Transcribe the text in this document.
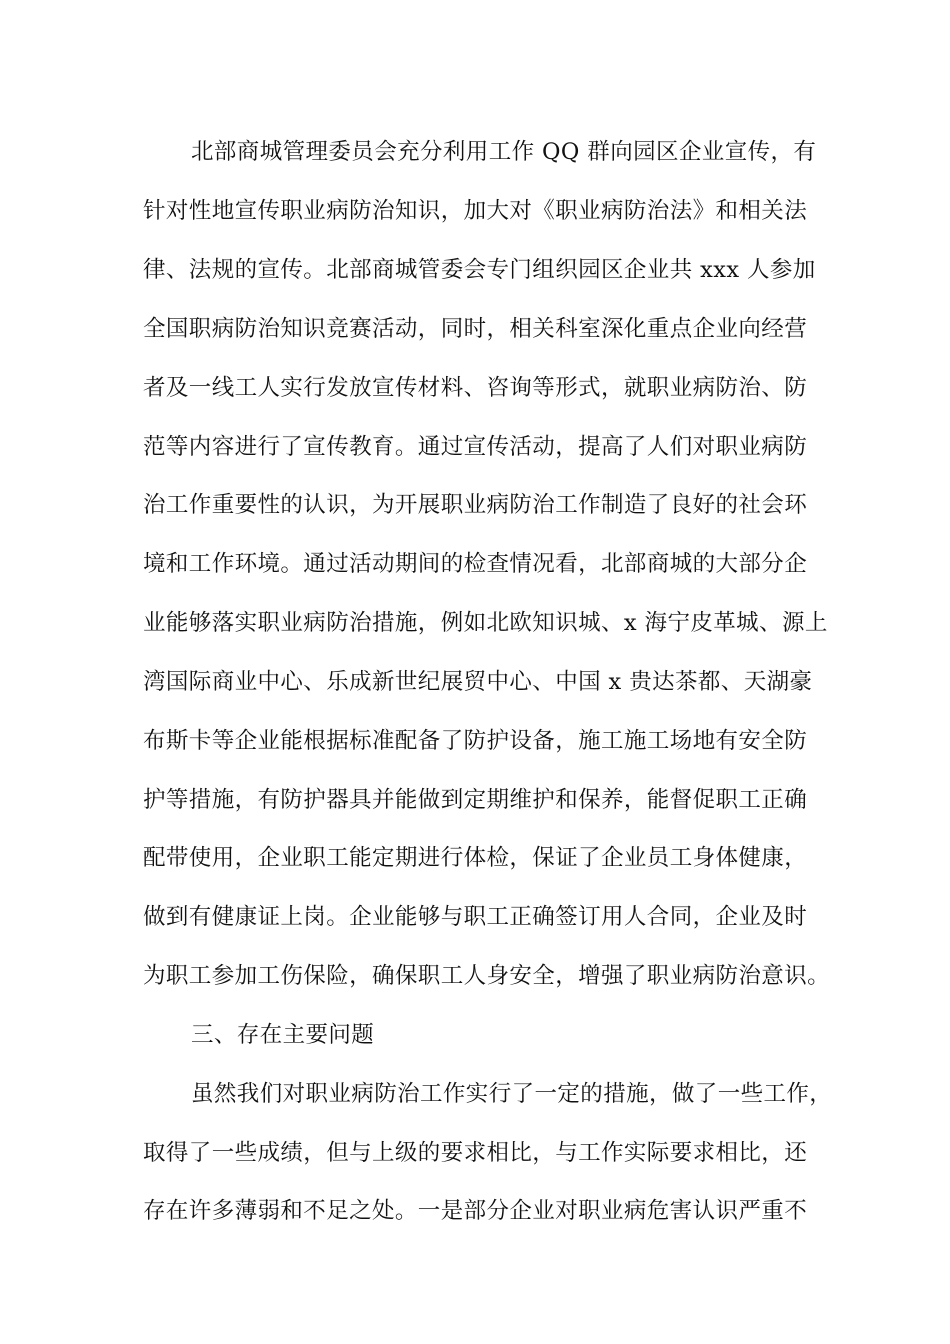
北部商城管理委员会充分利用工作 QQ 群向园区企业宣传，有
针对性地宣传职业病防治知识，加大对《职业病防治法》和相关法
律、法规的宣传。北部商城管委会专门组织园区企业共 xxx 人参加
全国职病防治知识竞赛活动，同时，相关科室深化重点企业向经营
者及一线工人实行发放宣传材料、咨询等形式，就职业病防治、防
范等内容进行了宣传教育。通过宣传活动，提高了人们对职业病防
治工作重要性的认识，为开展职业病防治工作制造了良好的社会环
境和工作环境。通过活动期间的检查情况看，北部商城的大部分企
业能够落实职业病防治措施，例如北欧知识城、x 海宁皮革城、源上
湾国际商业中心、乐成新世纪展贸中心、中国 x 贵达茶都、天湖豪
布斯卡等企业能根据标准配备了防护设备，施工施工场地有安全防
护等措施，有防护器具并能做到定期维护和保养，能督促职工正确
配带使用，企业职工能定期进行体检，保证了企业员工身体健康，
做到有健康证上岗。企业能够与职工正确签订用人合同，企业及时
为职工参加工伤保险，确保职工人身安全，增强了职业病防治意识。
三、存在主要问题
虽然我们对职业病防治工作实行了一定的措施，做了一些工作，
取得了一些成绩，但与上级的要求相比，与工作实际要求相比，还
存在许多薄弱和不足之处。一是部分企业对职业病危害认识严重不
